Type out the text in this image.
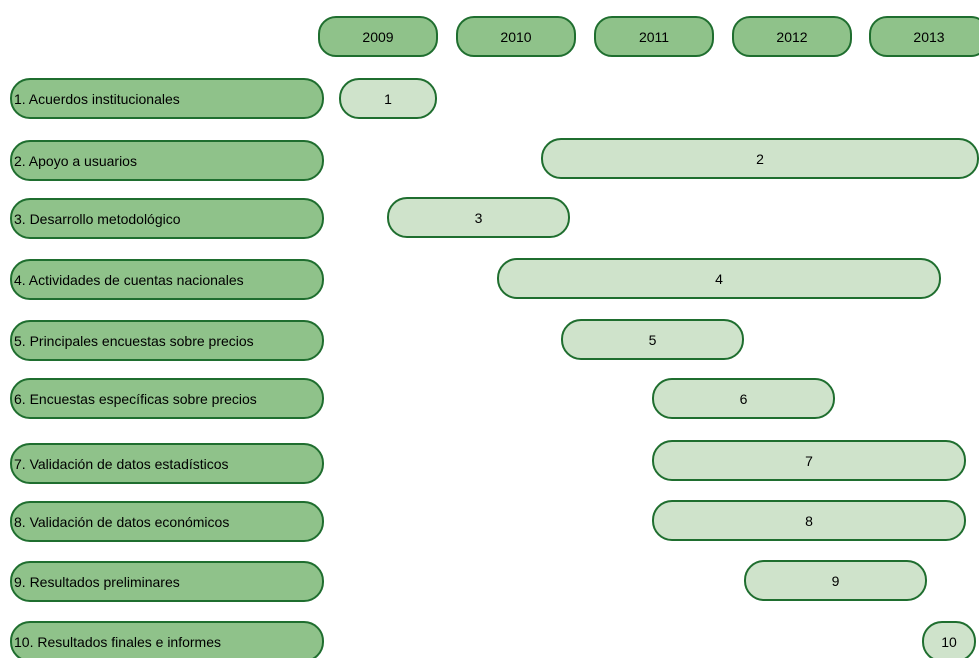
2009	2010	2011	2012	2013
1. Acuerdos institucionales
2. Apoyo a usuarios
3. Desarrollo metodológico
4. Actividades de cuentas nacionales
5. Principales encuestas sobre precios
6. Encuestas específicas sobre precios
7. Validación de datos estadísticos
8. Validación de datos económicos
9. Resultados preliminares
10. Resultados finales e informes
1
2
3
4
5
6
7
8
9
10
